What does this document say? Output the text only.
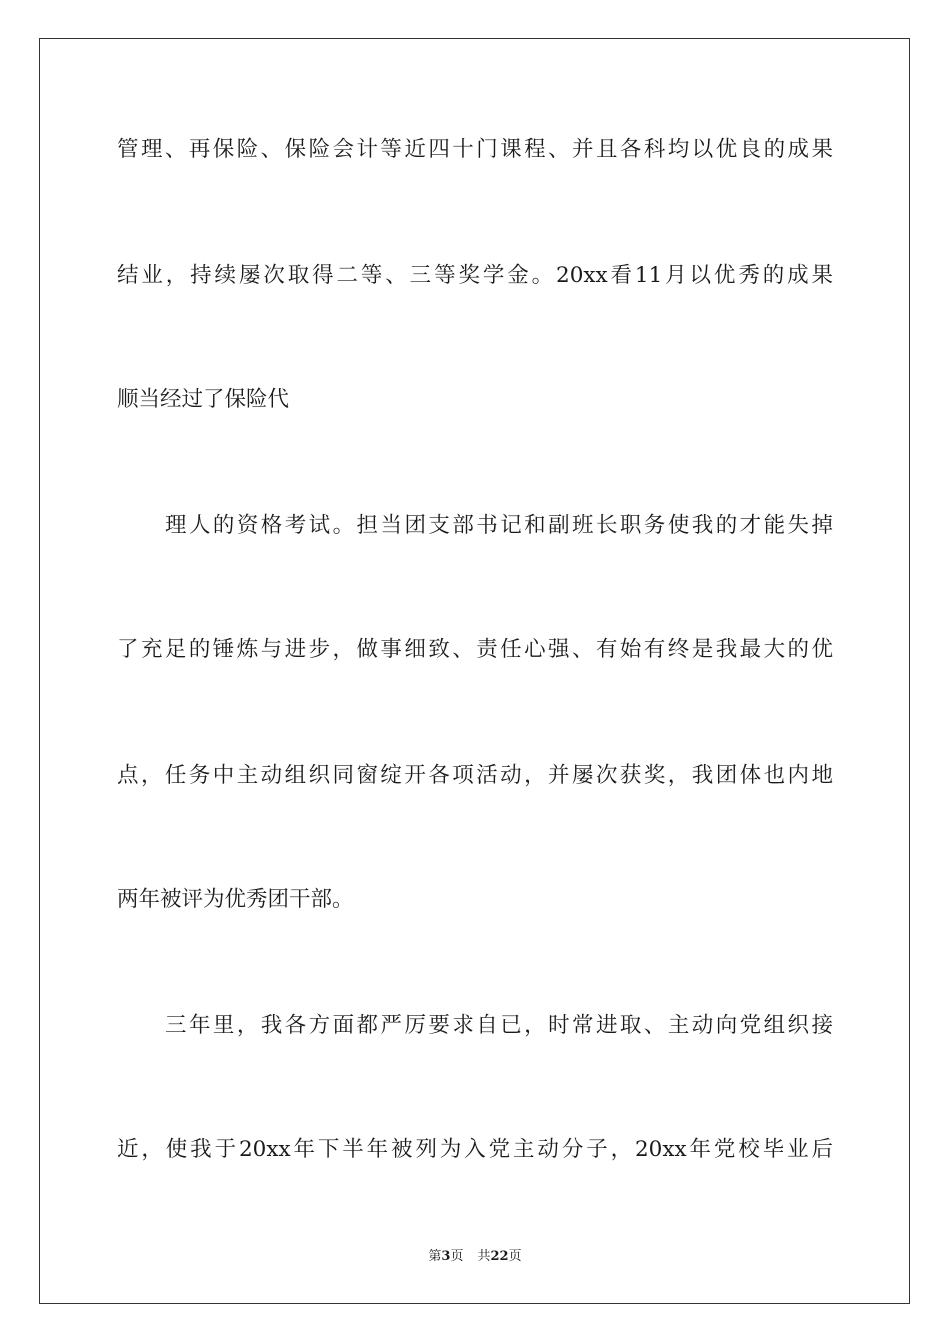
管理、再保险、保险会计等近四十门课程、并且各科均以优良的成果
结业，持续屡次取得二等、三等奖学金。20xx看11月以优秀的成果
顺当经过了保险代
理人的资格考试。担当团支部书记和副班长职务使我的才能失掉
了充足的锤炼与进步，做事细致、责任心强、有始有终是我最大的优
点，任务中主动组织同窗绽开各项活动，并屡次获奖，我团体也内地
两年被评为优秀团干部。
三年里，我各方面都严厉要求自已，时常进取、主动向党组织接
近，使我于20xx年下半年被列为入党主动分子，20xx年党校毕业后
第3页 共22页
